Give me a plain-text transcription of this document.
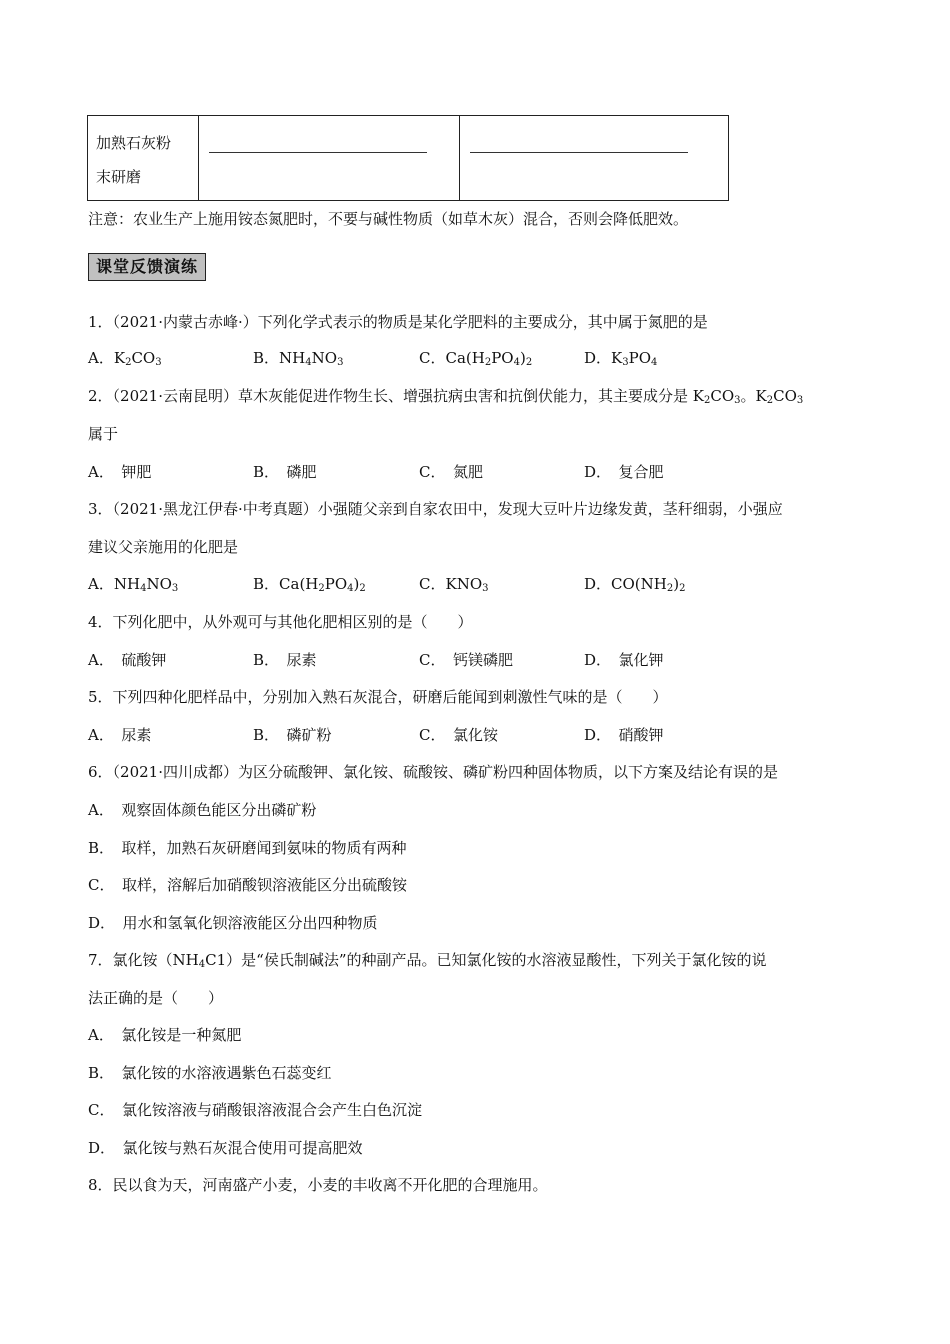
加熟石灰粉
末研磨

注意：农业生产上施用铵态氮肥时，不要与碱性物质（如草木灰）混合，否则会降低肥效。
课堂反馈演练
1．（2021·内蒙古赤峰·）下列化学式表示的物质是某化学肥料的主要成分，其中属于氮肥的是
A．$K_2CO_3$	B．$NH_4NO_3$	C．$Ca(H_2PO_4)_2$	D．$K_3PO_4$
2．（2021·云南昆明）草木灰能促进作物生长、增强抗病虫害和抗倒伏能力，其主要成分是 $K_2CO_3$。$K_2CO_3$
属于
A．　 钾肥	B．　 磷肥	C．　 氮肥	D．　 复合肥
3．（2021·黑龙江伊春·中考真题）小强随父亲到自家农田中，发现大豆叶片边缘发黄，茎秆细弱，小强应
建议父亲施用的化肥是
A．$NH_4NO_3$	B．$Ca(H_2PO_4)_2$	C．$KNO_3$	D．$CO(NH_2)_2$
4．下列化肥中，从外观可与其他化肥相区别的是（　　）
A．　 硫酸钾	B．　 尿素	C．　 钙镁磷肥	D．　 氯化钾
5．下列四种化肥样品中，分别加入熟石灰混合，研磨后能闻到刺激性气味的是（　　）
A．　 尿素	B．　 磷矿粉	C．　 氯化铵	D．　 硝酸钾
6．（2021·四川成都）为区分硫酸钾、氯化铵、硫酸铵、磷矿粉四种固体物质，以下方案及结论有误的是
A．　 观察固体颜色能区分出磷矿粉
B．　 取样，加熟石灰研磨闻到氨味的物质有两种
C．　 取样，溶解后加硝酸钡溶液能区分出硫酸铵
D．　 用水和氢氧化钡溶液能区分出四种物质
7．氯化铵$(NH_4C1)$是“侯氏制碱法”的种副产品。已知氯化铵的水溶液显酸性，下列关于氯化铵的说
法正确的是（　　）
A．　 氯化铵是一种氮肥
B．　 氯化铵的水溶液遇紫色石蕊变红
C．　 氯化铵溶液与硝酸银溶液混合会产生白色沉淀
D．　 氯化铵与熟石灰混合使用可提高肥效
8．民以食为天，河南盛产小麦，小麦的丰收离不开化肥的合理施用。
